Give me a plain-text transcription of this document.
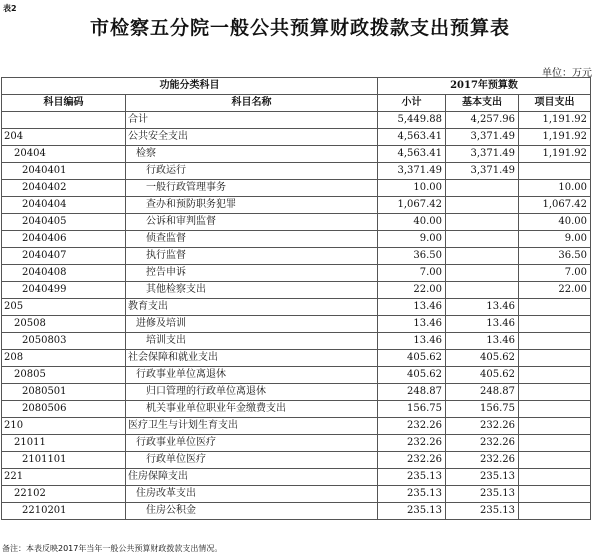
表2
市检察五分院一般公共预算财政拨款支出预算表
单位：万元
功能分类科目		2017年预算数		
科目编码	科目名称	小计	基本支出	项目支出
	合计	5,449.88	4,257.96	1,191.92
204	公共安全支出	4,563.41	3,371.49	1,191.92
20404	检察	4,563.41	3,371.49	1,191.92
2040401	行政运行	3,371.49	3,371.49	
2040402	一般行政管理事务	10.00		10.00
2040404	查办和预防职务犯罪	1,067.42		1,067.42
2040405	公诉和审判监督	40.00		40.00
2040406	侦查监督	9.00		9.00
2040407	执行监督	36.50		36.50
2040408	控告申诉	7.00		7.00
2040499	其他检察支出	22.00		22.00
205	教育支出	13.46	13.46	
20508	进修及培训	13.46	13.46	
2050803	培训支出	13.46	13.46	
208	社会保障和就业支出	405.62	405.62	
20805	行政事业单位离退休	405.62	405.62	
2080501	归口管理的行政单位离退休	248.87	248.87	
2080506	机关事业单位职业年金缴费支出	156.75	156.75	
210	医疗卫生与计划生育支出	232.26	232.26	
21011	行政事业单位医疗	232.26	232.26	
2101101	行政单位医疗	232.26	232.26	
221	住房保障支出	235.13	235.13	
22102	住房改革支出	235.13	235.13	
2210201	住房公积金	235.13	235.13	
备注：本表反映2017年当年一般公共预算财政拨款支出情况。
